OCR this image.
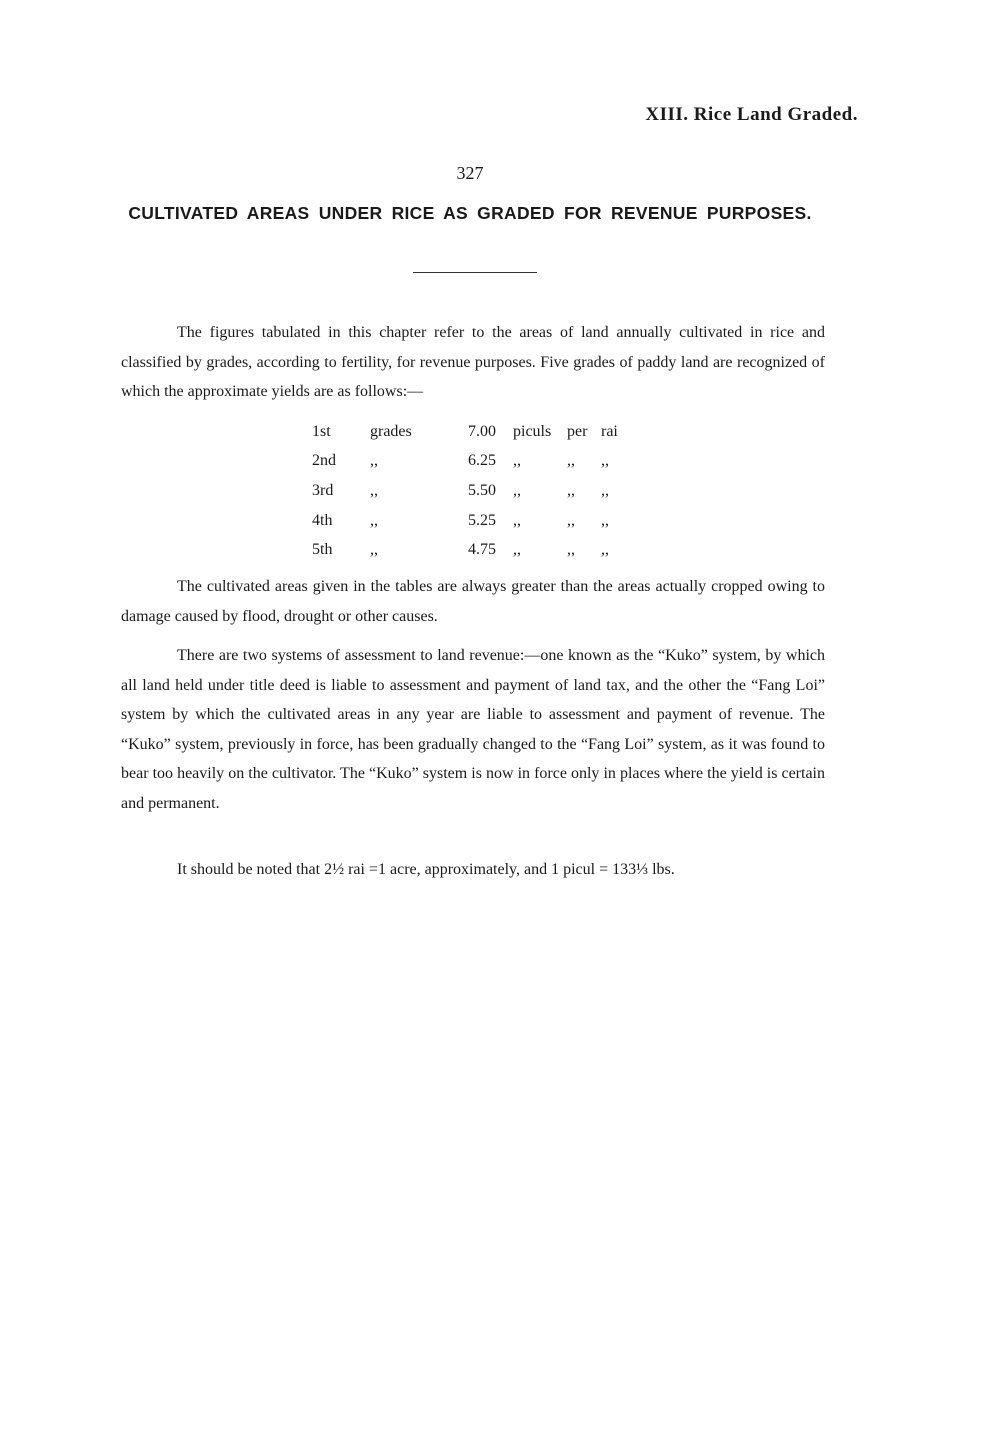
XIII. Rice Land Graded.
327
CULTIVATED AREAS UNDER RICE AS GRADED FOR REVENUE PURPOSES.

The figures tabulated in this chapter refer to the areas of land annually cultivated in rice and classified by grades, according to fertility, for revenue purposes. Five grades of paddy land are recognized of which the approximate yields are as follows:—

1st	grades	7.00	piculs	per	rai
2nd	,,	6.25	,,	,,	,,
3rd	,,	5.50	,,	,,	,,
4th	,,	5.25	,,	,,	,,
5th	,,	4.75	,,	,,	,,

The cultivated areas given in the tables are always greater than the areas actually cropped owing to damage caused by flood, drought or other causes.

There are two systems of assessment to land revenue:—one known as the “Kuko” system, by which all land held under title deed is liable to assessment and payment of land tax, and the other the “Fang Loi” system by which the cultivated areas in any year are liable to assessment and payment of revenue. The “Kuko” system, previously in force, has been gradually changed to the “Fang Loi” system, as it was found to bear too heavily on the cultivator. The “Kuko” system is now in force only in places where the yield is certain and permanent.

It should be noted that 2½ rai =1 acre, approximately, and 1 picul = 133⅓ lbs.
